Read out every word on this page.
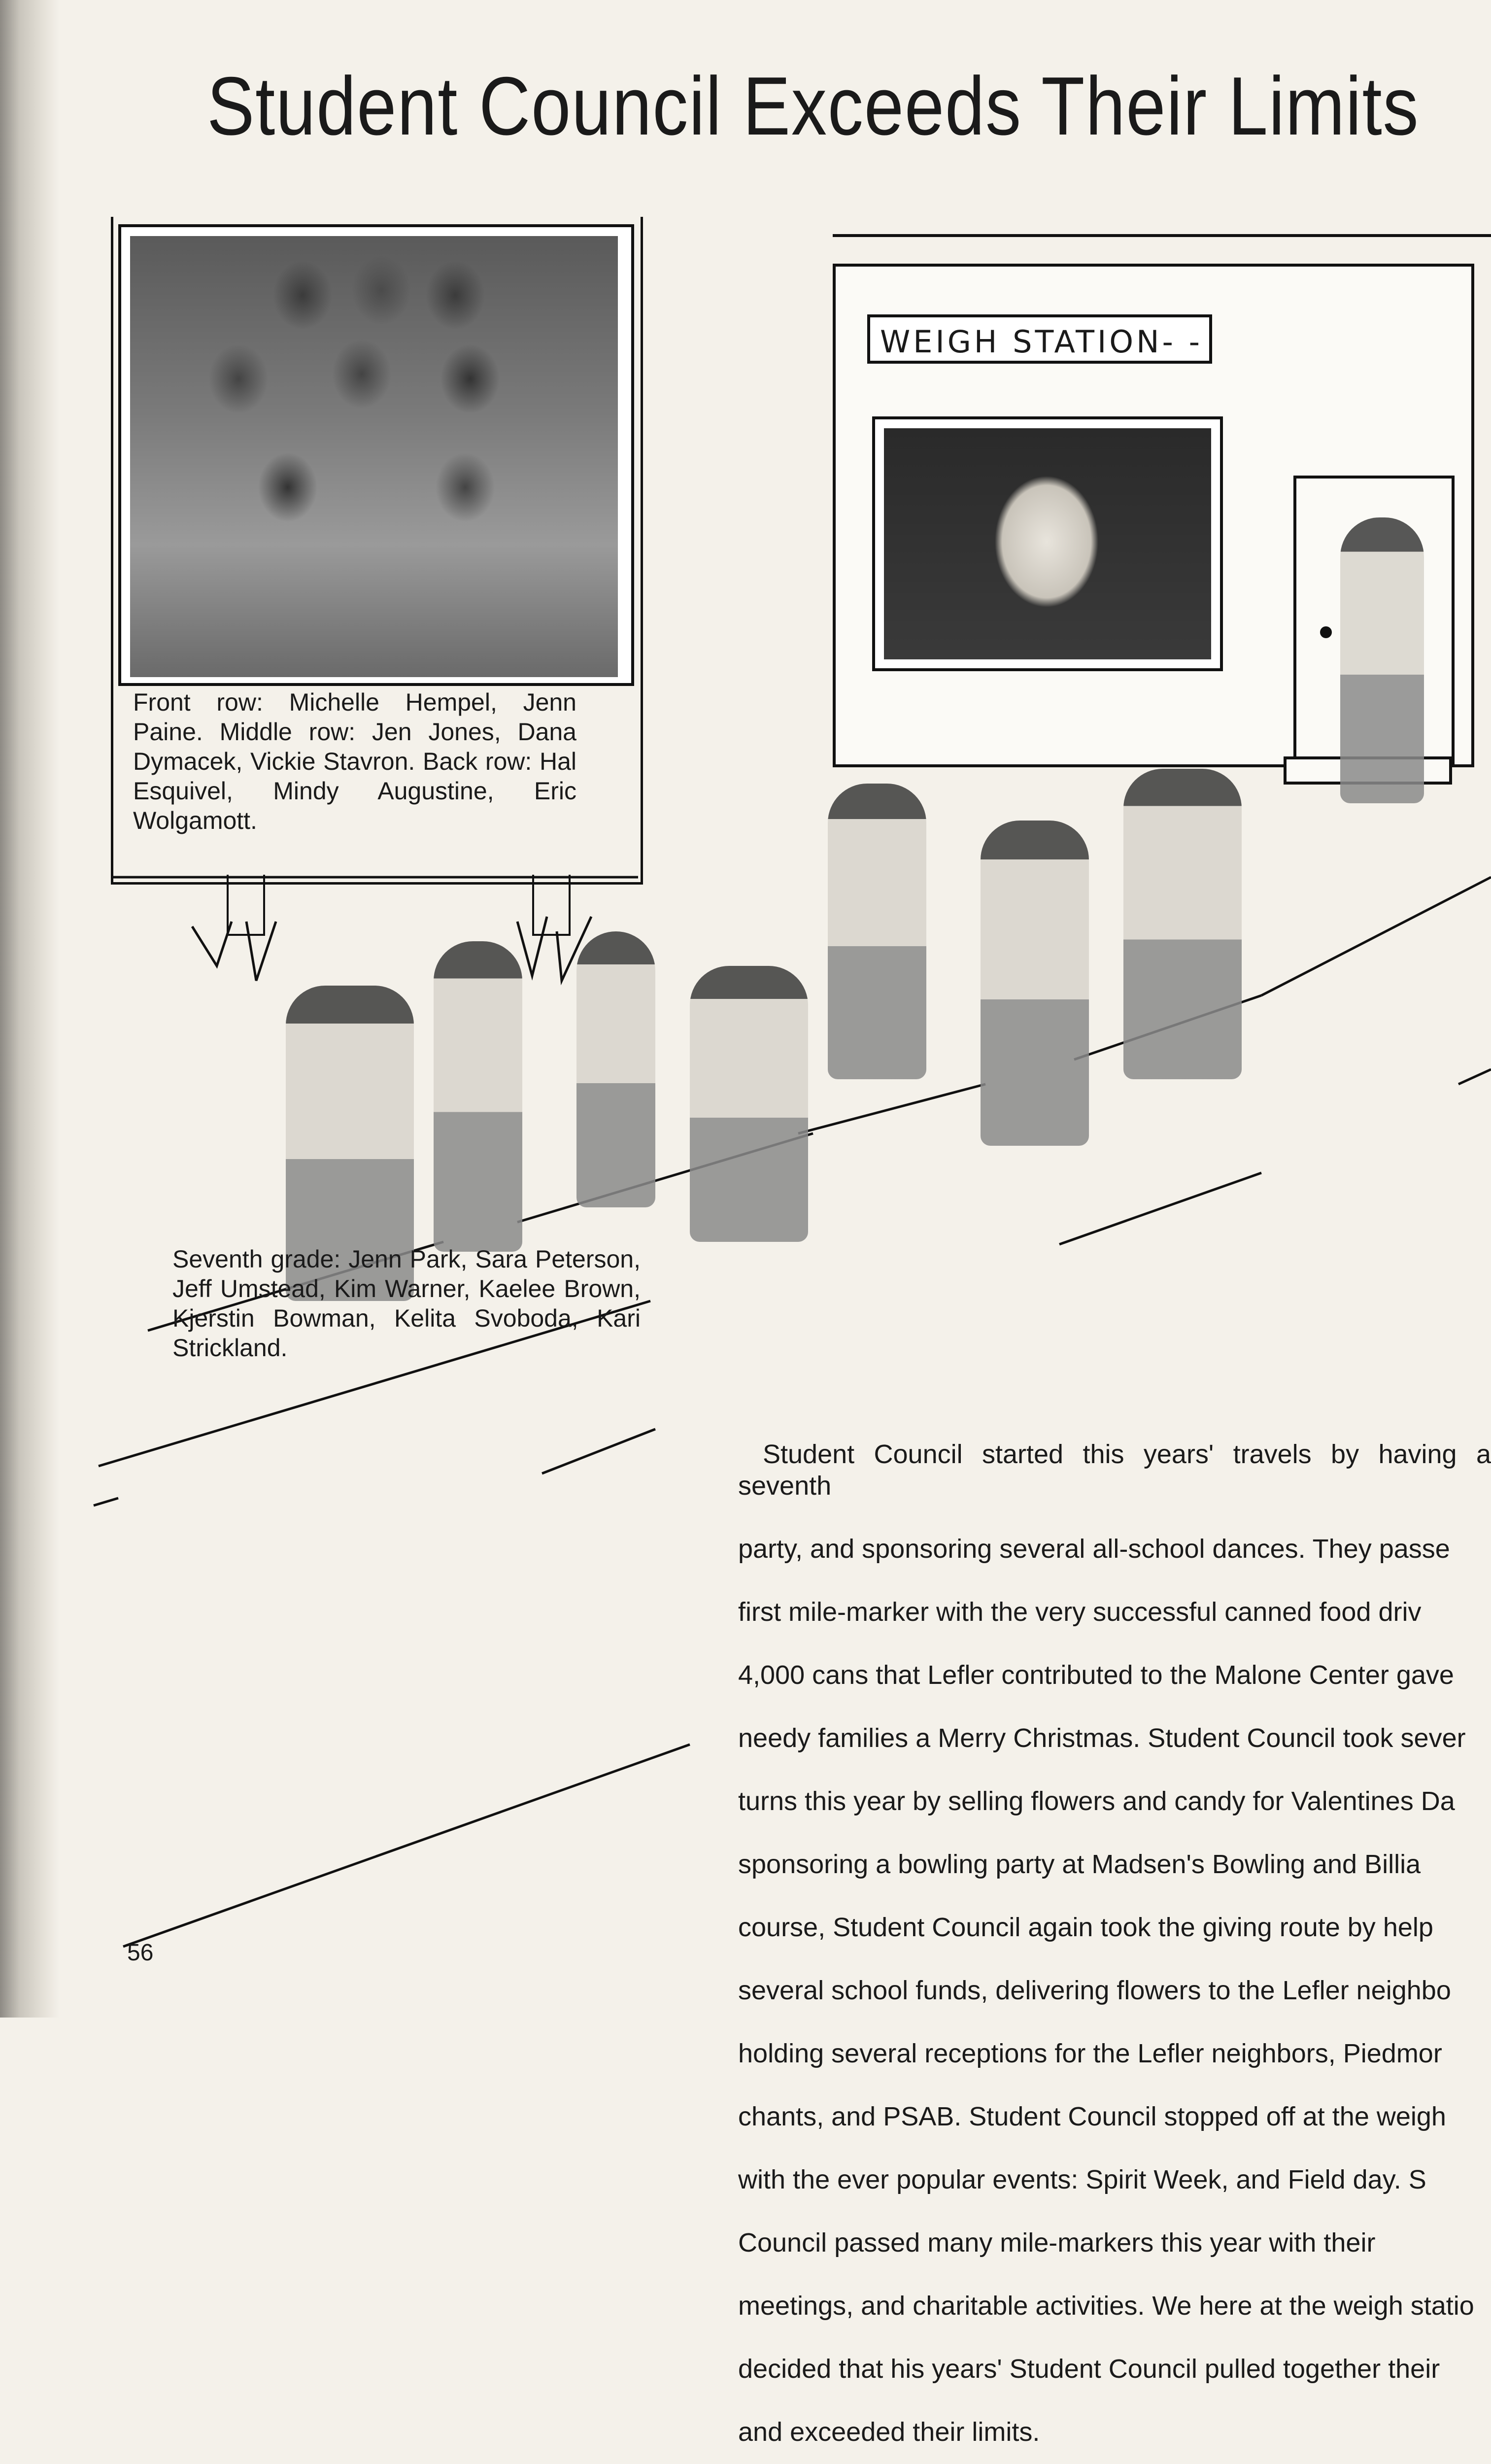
Student Council Exceeds Their Limits
Front row: Michelle Hempel, Jenn Paine. Middle row: Jen Jones, Dana Dymacek, Vickie Stavron. Back row: Hal Esquivel, Mindy Augustine, Eric Wolgamott.
WEIGH STATION- -
Seventh grade: Jenn Park, Sara Peterson, Jeff Umstead, Kim Warner, Kaelee Brown, Kjerstin Bowman, Kelita Svoboda, Kari Strickland.

Student Council started this years' travels by having a seventh

party, and sponsoring several all-school dances. They passe

first mile-marker with the very successful canned food driv

4,000 cans that Lefler contributed to the Malone Center gave

needy families a Merry Christmas. Student Council took sever

turns this year by selling flowers and candy for Valentines Da

sponsoring a bowling party at Madsen's Bowling and Billia

course, Student Council again took the giving route by help

several school funds, delivering flowers to the Lefler neighbo

holding several receptions for the Lefler neighbors, Piedmor

chants, and PSAB. Student Council stopped off at the weigh

with the ever popular events: Spirit Week, and Field day. S

Council passed many mile-markers this year with their

meetings, and charitable activities. We here at the weigh statio

decided that his years' Student Council pulled together their

and exceeded their limits.

56
